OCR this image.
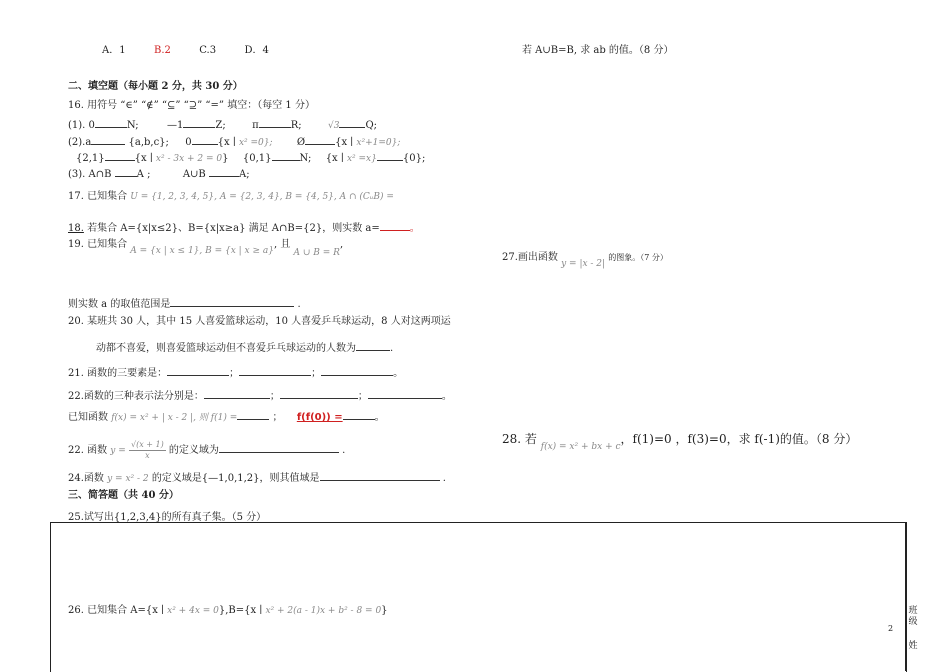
A．1	B.2	C.3	D．4
二、填空题（每小题 2 分，共 30 分）
16. 用符号 “∈” “∉” “⊆” “⊇” “=” 填空：（每空 1 分）
(1). 0	N;	—1	Z;	π	R;	√3	Q;
(2).a	{a,b,c}; 0	{x ∣ x² =0}; Ø	{x ∣ x²+1=0};
{2,1}	{x ∣ x² - 3x + 2 = 0} {0,1}	N; {x ∣ x² =x}	{0};
(3). A∩B	A ;	A∪B	A;
17. 已知集合 U = {1, 2, 3, 4, 5}, A = {2, 3, 4}, B = {4, 5}, A ∩ (CᵤB) =
18. 若集合 A={x|x≤2}、B={x|x≥a} 满足 A∩B={2}，则实数 a=	。
19. 已知集合 A = {x | x ≤ 1}, B = {x | x ≥ a}, 且 A ∪ B = R,
则实数 a 的取值范围是	.
20. 某班共 30 人，其中 15 人喜爱篮球运动，10 人喜爱乒乓球运动，8 人对这两项运
动都不喜爱，则喜爱篮球运动但不喜爱乒乓球运动的人数为	.
21. 函数的三要素是：	；	；	。
22.函数的三种表示法分别是：	；	；	。
已知函数 f(x) = x² + | x - 2 |, 则 f(1) =	； f(f(0)) =	。
22. 函数 $y = \frac{√(x + 1)}{x}$ 的定义域为	.
24.函数 y = x² - 2 的定义域是{—1,0,1,2}，则其值域是	.
三、简答题（共 40 分）
25.试写出{1,2,3,4}的所有真子集。（5 分）
26. 已知集合 A={x ∣ x² + 4x = 0},B={x ∣ x² + 2(a - 1)x + b² - 8 = 0}
若 A∪B=B, 求 ab 的值。（8 分）
27.画出函数 y = |x - 2| 的图象。（7 分）
28. 若 $_{f(x) = x^2 + bx + c}$，f(1)=0 ，f(3)=0，求 f(-1)的值。（8 分）
2
班
级
姓
